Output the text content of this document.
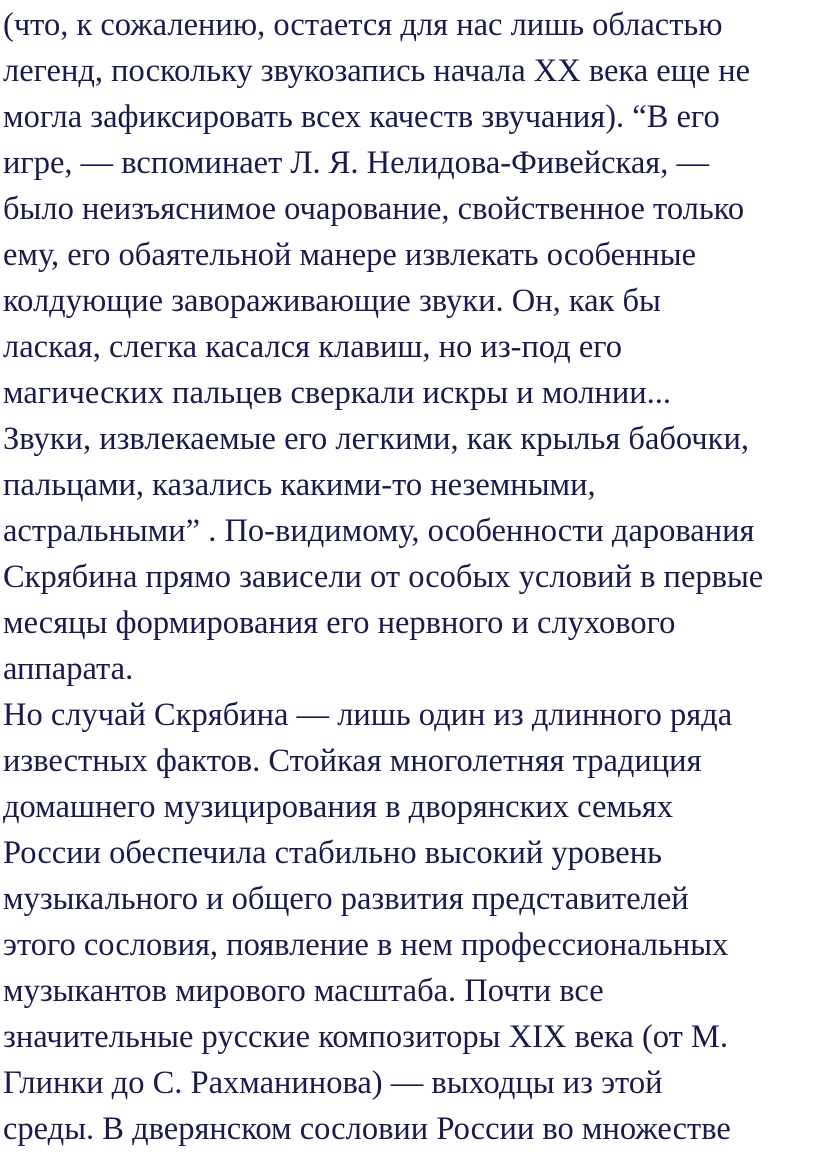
(что, к сожалению, остается для нас лишь областью
легенд, поскольку звукозапись начала XX века еще не
могла зафиксировать всех качеств звучания). “В его
игре, — вспоминает Л. Я. Нелидова-Фивейская, —
было неизъяснимое очарование, свойственное только
ему, его обаятельной манере извлекать особенные
колдующие завораживающие звуки. Он, как бы
лаская, слегка касался клавиш, но из-под его
магических пальцев сверкали искры и молнии...
Звуки, извлекаемые его легкими, как крылья бабочки,
пальцами, казались какими-то неземными,
астральными” . По-видимому, особенности дарования
Скрябина прямо зависели от особых условий в первые
месяцы формирования его нервного и слухового
аппарата.
Но случай Скрябина — лишь один из длинного ряда
известных фактов. Стойкая многолетняя традиция
домашнего музицирования в дворянских семьях
России обеспечила стабильно высокий уровень
музыкального и общего развития представителей
этого сословия, появление в нем профессиональных
музыкантов мирового масштаба. Почти все
значительные русские композиторы XIX века (от М.
Глинки до С. Рахманинова) — выходцы из этой
среды. В дверянском сословии России во множестве
